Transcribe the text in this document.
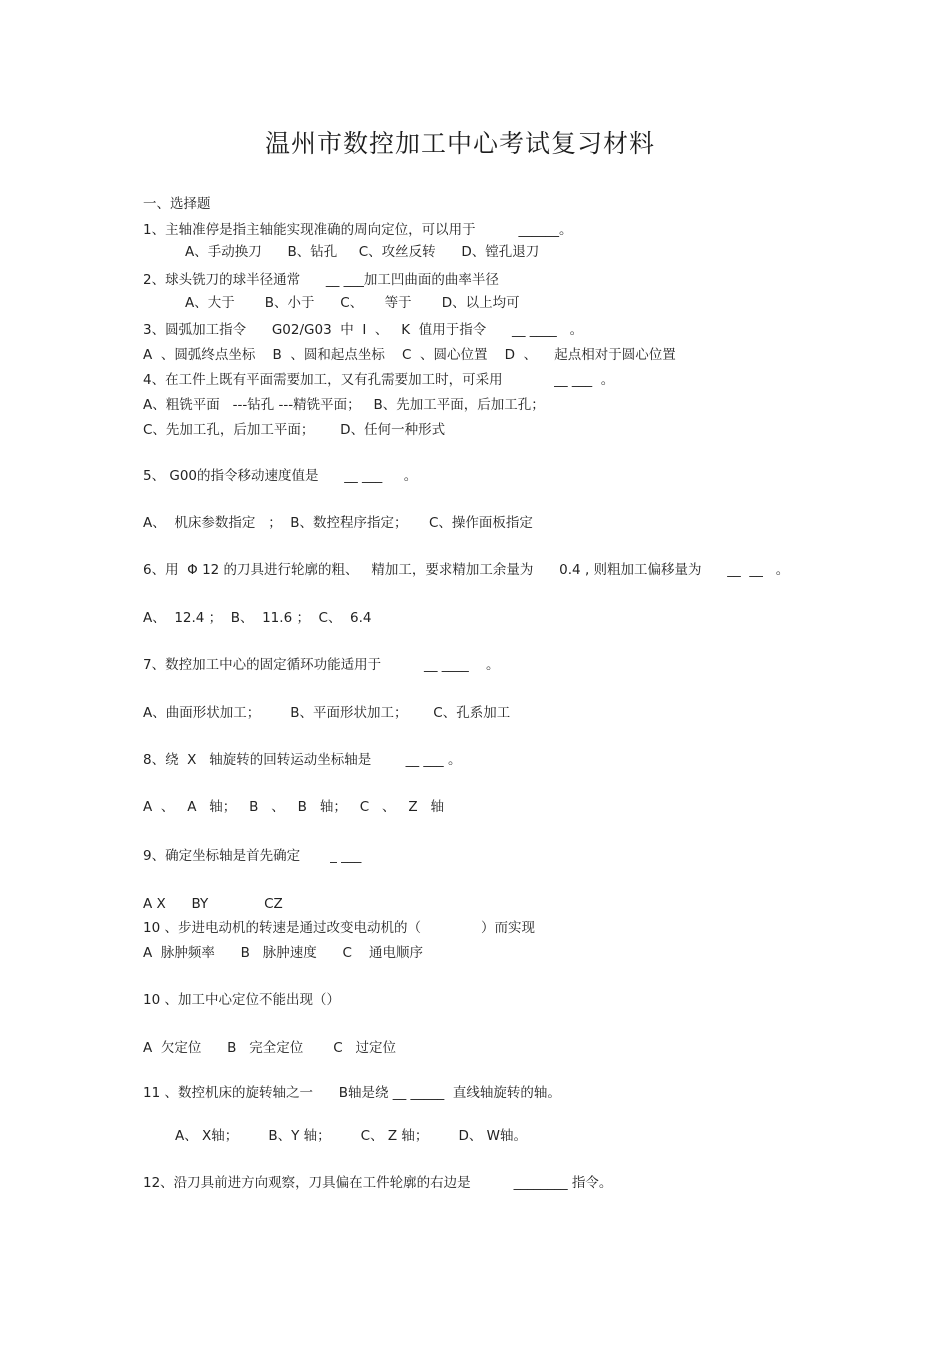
温州市数控加工中心考试复习材料
一、选择题
1、主轴准停是指主轴能实现准确的周向定位，可以用于          ______。
A、手动换刀      B、钻孔     C、攻丝反转      D、镗孔退刀
2、球头铣刀的球半径通常      __ ___加工凹曲面的曲率半径
A、大于       B、小于      C、     等于       D、以上均可
3、圆弧加工指令      G02/G03  中  I  、   K  值用于指令      __ ____   。
A  、圆弧终点坐标    B  、圆和起点坐标    C  、圆心位置    D  、    起点相对于圆心位置
4、在工件上既有平面需要加工，又有孔需要加工时，可采用            __ ___  。
A、粗铣平面   ---钻孔 ---精铣平面；   B、先加工平面，后加工孔；
C、先加工孔，后加工平面；      D、任何一种形式
5、 G00的指令移动速度值是      __ ___     。
A、  机床参数指定   ；  B、数控程序指定；     C、操作面板指定
6、用  Φ 12 的刀具进行轮廓的粗、   精加工，要求精加工余量为      0.4 , 则粗加工偏移量为      __  __   。
A、  12.4 ；  B、  11.6 ；  C、  6.4
7、数控加工中心的固定循环功能适用于          __ ____    。
A、曲面形状加工；       B、平面形状加工；      C、孔系加工
8、绕  X   轴旋转的回转运动坐标轴是        __ ___ 。
A  、   A   轴；   B   、   B   轴；   C   、   Z   轴
9、确定坐标轴是首先确定       _ ___
A X      BY             CZ
10 、步进电动机的转速是通过改变电动机的（              ）而实现
A  脉肿频率      B   脉肿速度      C    通电顺序
10 、加工中心定位不能出现（）
A  欠定位      B   完全定位       C   过定位
11 、数控机床的旋转轴之一      B轴是绕 __ _____  直线轴旋转的轴。
A、 X轴；       B、Y 轴；       C、 Z 轴；       D、 W轴。
12、沿刀具前进方向观察，刀具偏在工件轮廓的右边是          ________ 指令。
